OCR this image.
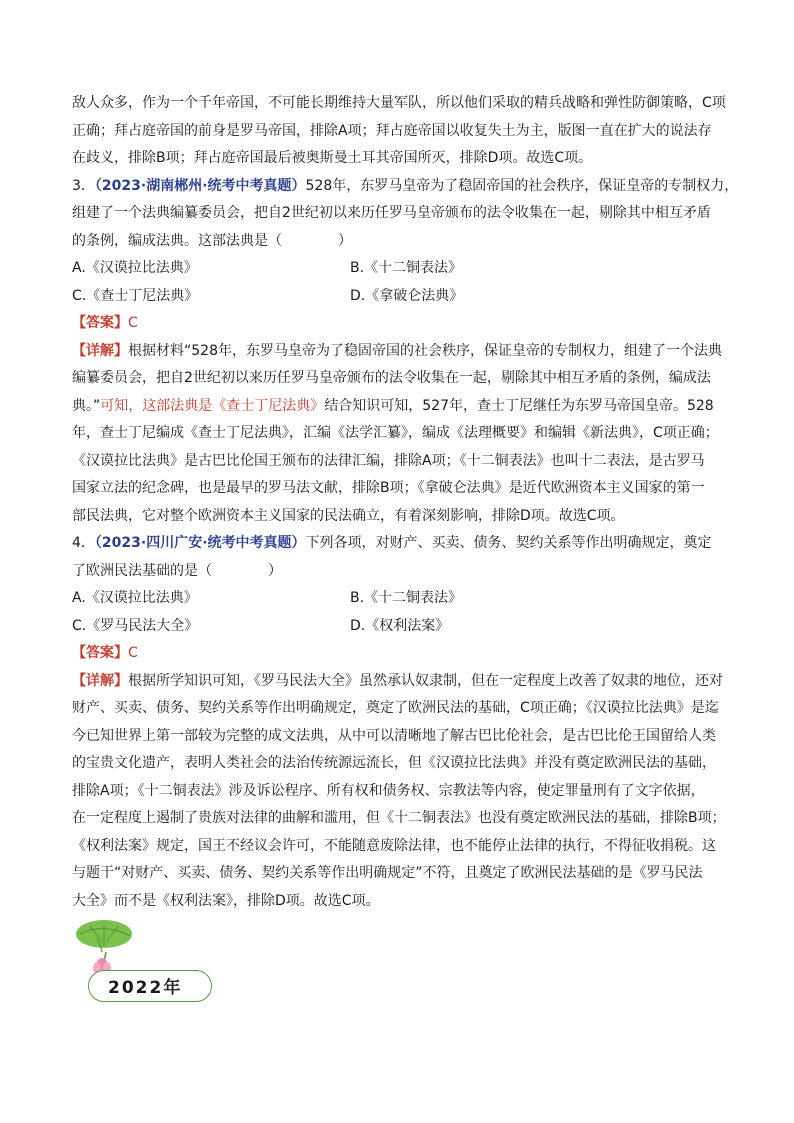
敌人众多，作为一个千年帝国，不可能长期维持大量军队，所以他们采取的精兵战略和弹性防御策略，C项
正确；拜占庭帝国的前身是罗马帝国，排除A项；拜占庭帝国以收复失土为主，版图一直在扩大的说法存
在歧义，排除B项；拜占庭帝国最后被奥斯曼土耳其帝国所灭，排除D项。故选C项。
3．（2023·湖南郴州·统考中考真题）528年，东罗马皇帝为了稳固帝国的社会秩序，保证皇帝的专制权力，
组建了一个法典编纂委员会，把自2世纪初以来历任罗马皇帝颁布的法令收集在一起，剔除其中相互矛盾
的条例，编成法典。这部法典是（　　　　）
A.《汉谟拉比法典》	B.《十二铜表法》
C.《查士丁尼法典》	D.《拿破仑法典》
【答案】C
【详解】根据材料“528年，东罗马皇帝为了稳固帝国的社会秩序，保证皇帝的专制权力，组建了一个法典
编纂委员会，把自2世纪初以来历任罗马皇帝颁布的法令收集在一起，剔除其中相互矛盾的条例，编成法
典。”可知，这部法典是《查士丁尼法典》结合知识可知，527年，查士丁尼继任为东罗马帝国皇帝。528
年，查士丁尼编成《查士丁尼法典》，汇编《法学汇纂》，编成《法理概要》和编辑《新法典》，C项正确；
《汉谟拉比法典》是古巴比伦国王颁布的法律汇编，排除A项；《十二铜表法》也叫十二表法，是古罗马
国家立法的纪念碑，也是最早的罗马法文献，排除B项；《拿破仑法典》是近代欧洲资本主义国家的第一
部民法典，它对整个欧洲资本主义国家的民法确立，有着深刻影响，排除D项。故选C项。
4．（2023·四川广安·统考中考真题）下列各项，对财产、买卖、债务、契约关系等作出明确规定，奠定
了欧洲民法基础的是（　　　　）
A.《汉谟拉比法典》	B.《十二铜表法》
C.《罗马民法大全》	D.《权利法案》
【答案】C
【详解】根据所学知识可知，《罗马民法大全》虽然承认奴隶制，但在一定程度上改善了奴隶的地位，还对
财产、买卖、债务、契约关系等作出明确规定，奠定了欧洲民法的基础，C项正确；《汉谟拉比法典》是迄
今已知世界上第一部较为完整的成文法典，从中可以清晰地了解古巴比伦社会，是古巴比伦王国留给人类
的宝贵文化遗产，表明人类社会的法治传统源远流长，但《汉谟拉比法典》并没有奠定欧洲民法的基础，
排除A项；《十二铜表法》涉及诉讼程序、所有权和债务权、宗教法等内容，使定罪量刑有了文字依据，
在一定程度上遏制了贵族对法律的曲解和滥用，但《十二铜表法》也没有奠定欧洲民法的基础，排除B项；
《权利法案》规定，国王不经议会许可，不能随意废除法律，也不能停止法律的执行，不得征收捐税。这
与题干“对财产、买卖、债务、契约关系等作出明确规定”不符，且奠定了欧洲民法基础的是《罗马民法
大全》而不是《权利法案》，排除D项。故选C项。
2022年
